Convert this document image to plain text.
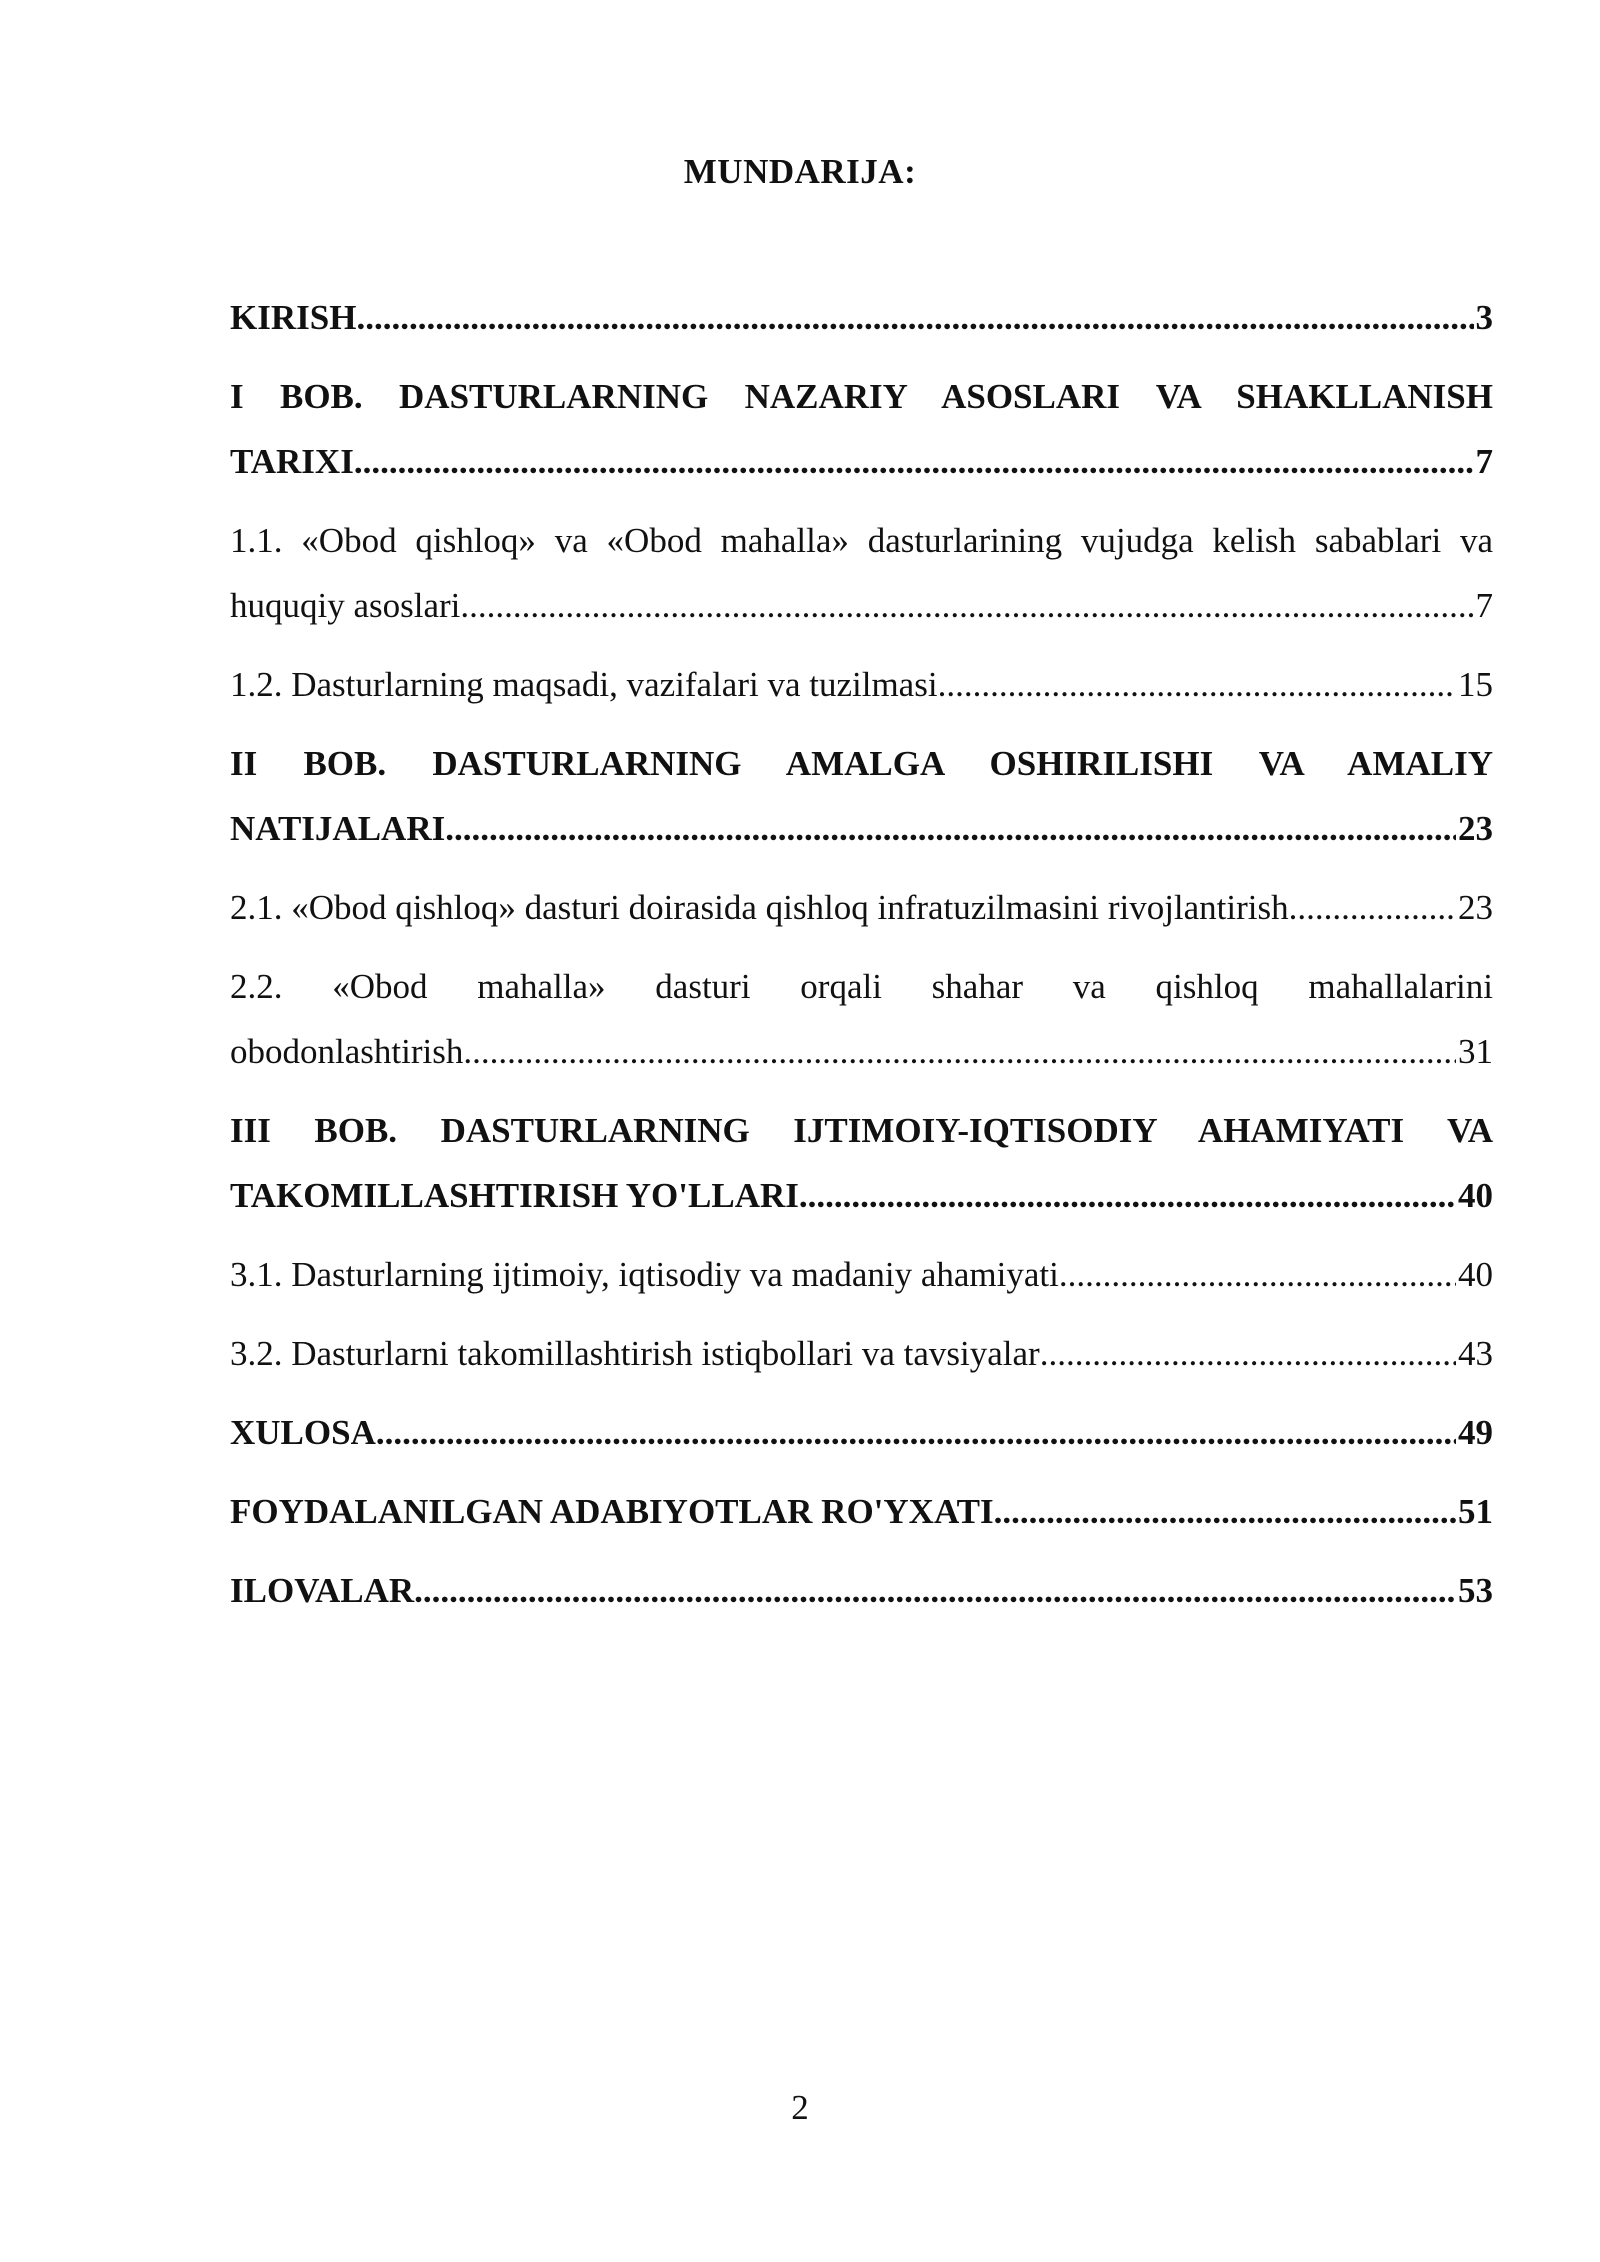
MUNDARIJA:
KIRISH .....	3
I BOB. DASTURLARNING NAZARIY ASOSLARI VA SHAKLLANISH
TARIXI .....	7
1.1. «Obod qishloq» va «Obod mahalla» dasturlarining vujudga kelish sabablari va
huquqiy asoslari .....	7
1.2. Dasturlarning maqsadi, vazifalari va tuzilmasi .....	15
II BOB. DASTURLARNING AMALGA OSHIRILISHI VA AMALIY
NATIJALARI .....	23
2.1. «Obod qishloq» dasturi doirasida qishloq infratuzilmasini rivojlantirish .....	23
2.2. «Obod mahalla» dasturi orqali shahar va qishloq mahallalarini
obodonlashtirish .....	31
III BOB. DASTURLARNING IJTIMOIY-IQTISODIY AHAMIYATI VA
TAKOMILLASHTIRISH YO'LLARI .....	40
3.1. Dasturlarning ijtimoiy, iqtisodiy va madaniy ahamiyati .....	40
3.2. Dasturlarni takomillashtirish istiqbollari va tavsiyalar .....	43
XULOSA .....	49
FOYDALANILGAN ADABIYOTLAR RO'YXATI .....	51
ILOVALAR .....	53
2
